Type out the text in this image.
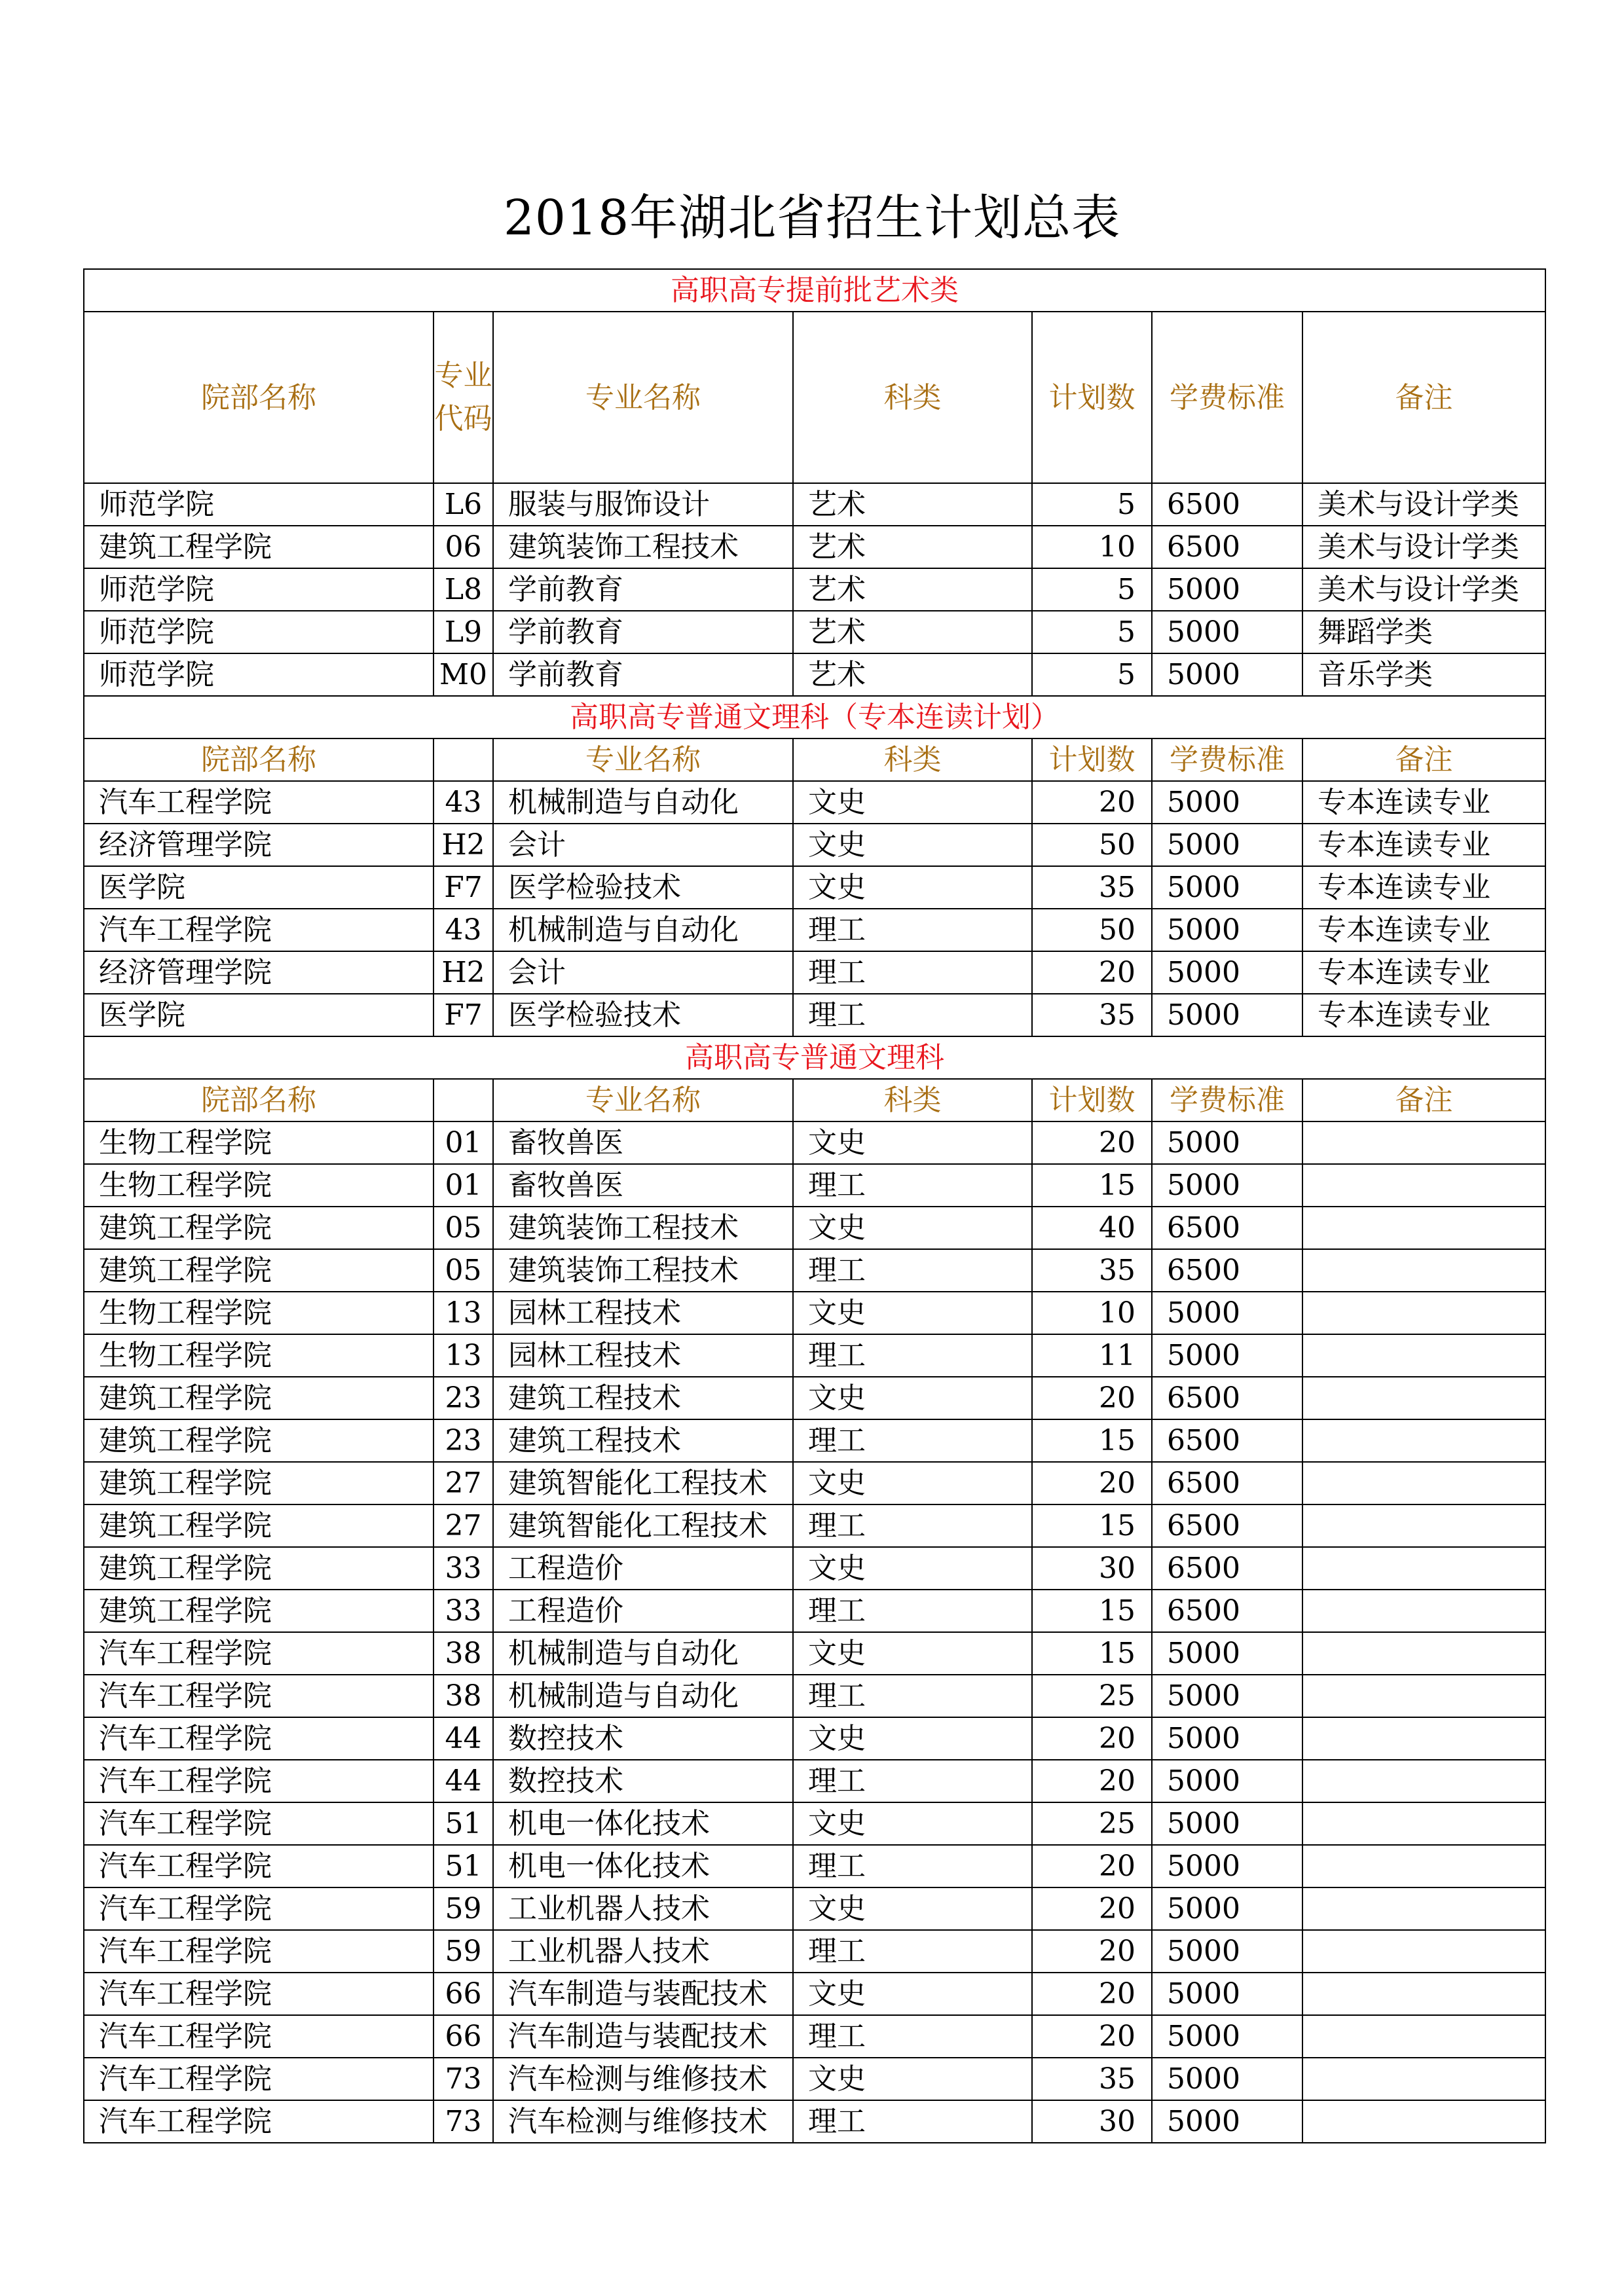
2018年湖北省招生计划总表
高职高专提前批艺术类						
院部名称	专业代码	专业名称	科类	计划数	学费标准	备注
师范学院	L6	服装与服饰设计	艺术	5	6500	美术与设计学类
建筑工程学院	06	建筑装饰工程技术	艺术	10	6500	美术与设计学类
师范学院	L8	学前教育	艺术	5	5000	美术与设计学类
师范学院	L9	学前教育	艺术	5	5000	舞蹈学类
师范学院	M0	学前教育	艺术	5	5000	音乐学类
高职高专普通文理科（专本连读计划）						
院部名称		专业名称	科类	计划数	学费标准	备注
汽车工程学院	43	机械制造与自动化	文史	20	5000	专本连读专业
经济管理学院	H2	会计	文史	50	5000	专本连读专业
医学院	F7	医学检验技术	文史	35	5000	专本连读专业
汽车工程学院	43	机械制造与自动化	理工	50	5000	专本连读专业
经济管理学院	H2	会计	理工	20	5000	专本连读专业
医学院	F7	医学检验技术	理工	35	5000	专本连读专业
高职高专普通文理科						
院部名称		专业名称	科类	计划数	学费标准	备注
生物工程学院	01	畜牧兽医	文史	20	5000	
生物工程学院	01	畜牧兽医	理工	15	5000	
建筑工程学院	05	建筑装饰工程技术	文史	40	6500	
建筑工程学院	05	建筑装饰工程技术	理工	35	6500	
生物工程学院	13	园林工程技术	文史	10	5000	
生物工程学院	13	园林工程技术	理工	11	5000	
建筑工程学院	23	建筑工程技术	文史	20	6500	
建筑工程学院	23	建筑工程技术	理工	15	6500	
建筑工程学院	27	建筑智能化工程技术	文史	20	6500	
建筑工程学院	27	建筑智能化工程技术	理工	15	6500	
建筑工程学院	33	工程造价	文史	30	6500	
建筑工程学院	33	工程造价	理工	15	6500	
汽车工程学院	38	机械制造与自动化	文史	15	5000	
汽车工程学院	38	机械制造与自动化	理工	25	5000	
汽车工程学院	44	数控技术	文史	20	5000	
汽车工程学院	44	数控技术	理工	20	5000	
汽车工程学院	51	机电一体化技术	文史	25	5000	
汽车工程学院	51	机电一体化技术	理工	20	5000	
汽车工程学院	59	工业机器人技术	文史	20	5000	
汽车工程学院	59	工业机器人技术	理工	20	5000	
汽车工程学院	66	汽车制造与装配技术	文史	20	5000	
汽车工程学院	66	汽车制造与装配技术	理工	20	5000	
汽车工程学院	73	汽车检测与维修技术	文史	35	5000	
汽车工程学院	73	汽车检测与维修技术	理工	30	5000	
